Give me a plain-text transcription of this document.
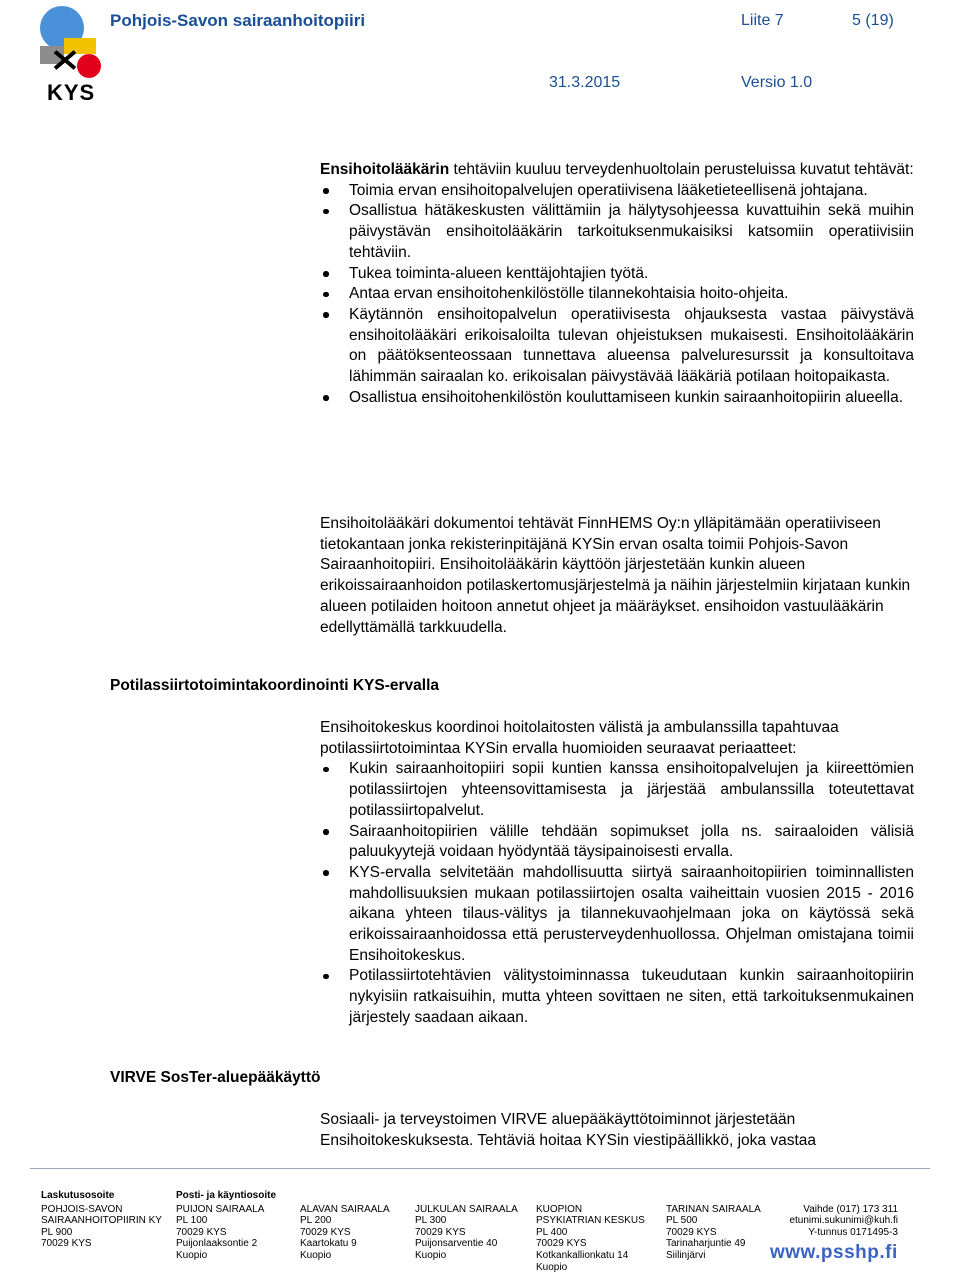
KYS
Pohjois-Savon sairaanhoitopiiri	Liite 7	5 (19)
31.3.2015	Versio 1.0

Ensihoitolääkärin tehtäviin kuuluu terveydenhuoltolain perusteluissa kuvatut tehtävät:

Toimia ervan ensihoitopalvelujen operatiivisena lääketieteellisenä johtajana.
Osallistua hätäkeskusten välittämiin ja hälytysohjeessa kuvattuihin sekä muihin päivystävän ensihoitolääkärin tarkoituksenmukaisiksi katsomiin operatiivisiin tehtäviin.
Tukea toiminta-alueen kenttäjohtajien työtä.
Antaa ervan ensihoitohenkilöstölle tilannekohtaisia hoito-ohjeita.
Käytännön ensihoitopalvelun operatiivisesta ohjauksesta vastaa päivystävä ensihoitolääkäri erikoisaloilta tulevan ohjeistuksen mukaisesti. Ensihoitolääkärin on päätöksenteossaan tunnettava alueensa palveluresurssit ja konsultoitava lähimmän sairaalan ko. erikoisalan päivystävää lääkäriä potilaan hoitopaikasta.
Osallistua ensihoitohenkilöstön kouluttamiseen kunkin sairaanhoitopiirin alueella.
Ensihoitolääkäri dokumentoi tehtävät FinnHEMS Oy:n ylläpitämään operatiiviseen tietokantaan jonka rekisterinpitäjänä KYSin ervan osalta toimii Pohjois-Savon Sairaanhoitopiiri. Ensihoitolääkärin käyttöön järjestetään kunkin alueen erikoissairaanhoidon potilaskertomusjärjestelmä ja näihin järjestelmiin kirjataan kunkin alueen potilaiden hoitoon annetut ohjeet ja määräykset. ensihoidon vastuulääkärin edellyttämällä tarkkuudella.
Potilassiirtotoimintakoordinointi KYS-ervalla

Ensihoitokeskus koordinoi hoitolaitosten välistä ja ambulanssilla tapahtuvaa potilassiirtotoimintaa KYSin ervalla huomioiden seuraavat periaatteet:

Kukin sairaanhoitopiiri sopii kuntien kanssa ensihoitopalvelujen ja kiireettömien potilassiirtojen yhteensovittamisesta ja järjestää ambulanssilla toteutettavat potilassiirtopalvelut.
Sairaanhoitopiirien välille tehdään sopimukset jolla ns. sairaaloiden välisiä paluukyytejä voidaan hyödyntää täysipainoisesti ervalla.
KYS-ervalla selvitetään mahdollisuutta siirtyä sairaanhoitopiirien toiminnallisten mahdollisuuksien mukaan potilassiirtojen osalta vaiheittain vuosien 2015 - 2016 aikana yhteen tilaus-välitys ja tilannekuvaohjelmaan joka on käytössä sekä erikoissairaanhoidossa että perusterveydenhuollossa. Ohjelman omistajana toimii Ensihoitokeskus.
Potilassiirtotehtävien välitystoiminnassa tukeudutaan kunkin sairaanhoitopiirin nykyisiin ratkaisuihin, mutta yhteen sovittaen ne siten, että tarkoituksenmukainen järjestely saadaan aikaan.
VIRVE SosTer-aluepääkäyttö
Sosiaali- ja terveystoimen VIRVE aluepääkäyttötoiminnot järjestetään Ensihoitokeskuksesta. Tehtäviä hoitaa KYSin viestipäällikkö, joka vastaa
Laskutusosoite
POHJOIS-SAVON
SAIRAANHOITOPIIRIN KY
PL 900
70029 KYS
Posti- ja käyntiosoite
PUIJON SAIRAALA
PL 100
70029 KYS
Puijonlaaksontie 2
Kuopio
ALAVAN SAIRAALA
PL 200
70029 KYS
Kaartokatu 9
Kuopio
JULKULAN SAIRAALA
PL 300
70029 KYS
Puijonsarventie 40
Kuopio
KUOPION
PSYKIATRIAN KESKUS
PL 400
70029 KYS
Kotkankallionkatu 14
Kuopio
TARINAN SAIRAALA
PL 500
70029 KYS
Tarinaharjuntie 49
Siilinjärvi
Vaihde (017) 173 311
etunimi.sukunimi@kuh.fi
Y-tunnus 0171495-3
www.psshp.fi
